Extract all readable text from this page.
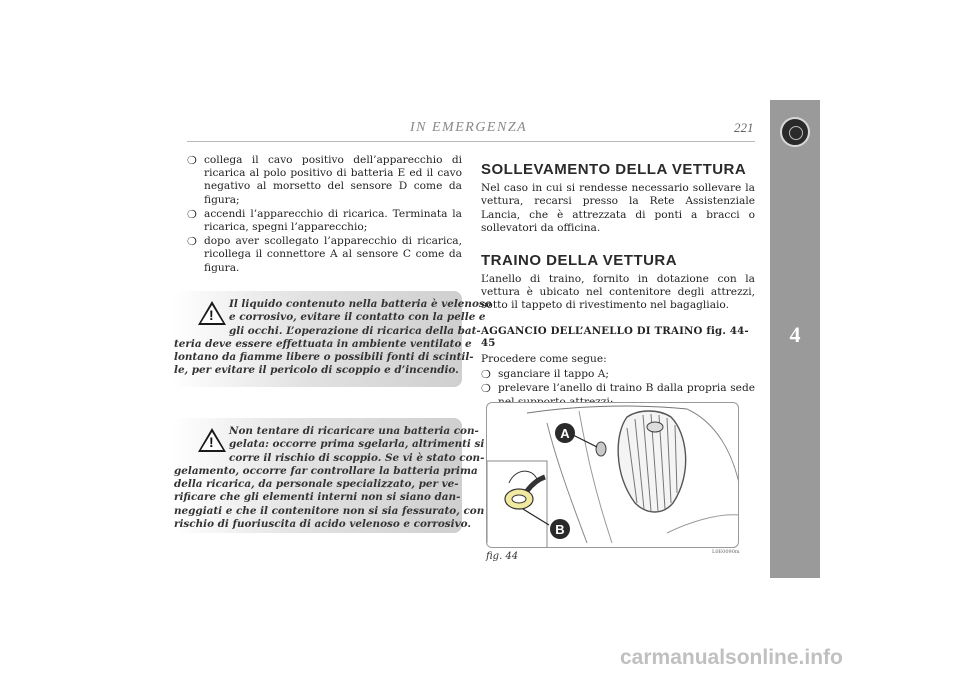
IN EMERGENZA	221
4
❍ collega il cavo positivo dell’apparecchio di ricarica al polo positivo di batteria E ed il cavo negativo al morsetto del sensore D come da figura;
❍ accendi l’apparecchio di ricarica. Terminata la ricarica, spegni l’apparecchio;
❍ dopo aver scollegato l’apparecchio di ricarica, ricollega il connettore A al sensore C come da figura.
!
Il liquido contenuto nella batteria è velenoso
e corrosivo, evitare il contatto con la pelle e
gli occhi. L’operazione di ricarica della bat-
teria deve essere effettuata in ambiente ventilato e
lontano da fiamme libere o possibili fonti di scintil-
le, per evitare il pericolo di scoppio e d’incendio.
!
Non tentare di ricaricare una batteria con-
gelata: occorre prima sgelarla, altrimenti si
corre il rischio di scoppio. Se vi è stato con-
gelamento, occorre far controllare la batteria prima
della ricarica, da personale specializzato, per ve-
rificare che gli elementi interni non si siano dan-
neggiati e che il contenitore non si sia fessurato, con
rischio di fuoriuscita di acido velenoso e corrosivo.
SOLLEVAMENTO DELLA VETTURA

Nel caso in cui si rendesse necessario sollevare la vettura, recarsi presso la Rete Assistenziale Lancia, che è attrezzata di ponti a bracci o sollevatori da officina.

TRAINO DELLA VETTURA

L’anello di traino, fornito in dotazione con la vettura è ubicato nel contenitore degli attrezzi, sotto il tappeto di rivestimento nel bagagliaio.

AGGANCIO DELL’ANELLO DI TRAINO fig. 44-45

Procedere come segue:

❍ sganciare il tappo A;
❍ prelevare l’anello di traino B dalla propria sede
A
B
fig. 44	L0E0090m
carmanualsonline.info
